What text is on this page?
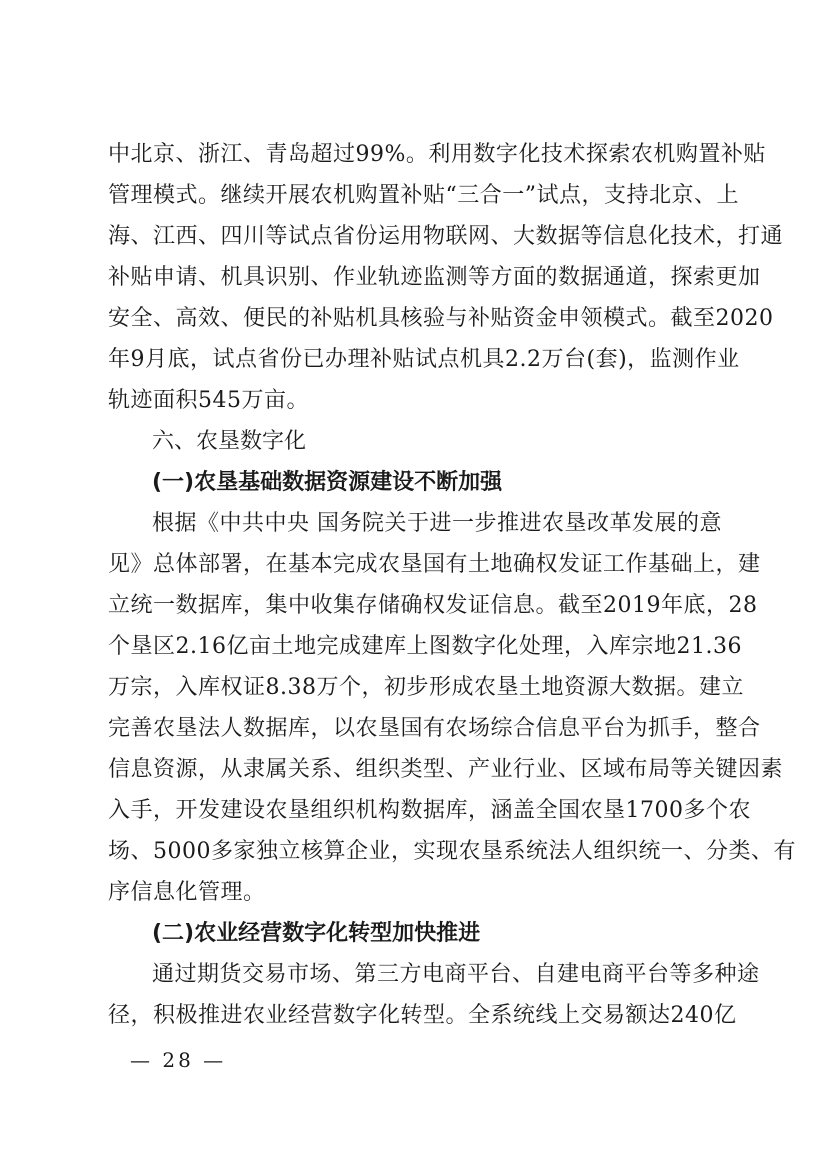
中北京、浙江、青岛超过99%。利用数字化技术探索农机购置补贴
管理模式。继续开展农机购置补贴“三合一”试点，支持北京、上
海、江西、四川等试点省份运用物联网、大数据等信息化技术，打通
补贴申请、机具识别、作业轨迹监测等方面的数据通道，探索更加
安全、高效、便民的补贴机具核验与补贴资金申领模式。截至2020
年9月底，试点省份已办理补贴试点机具2.2万台(套)，监测作业
轨迹面积545万亩。
六、农垦数字化
(一)农垦基础数据资源建设不断加强
根据《中共中央 国务院关于进一步推进农垦改革发展的意
见》总体部署，在基本完成农垦国有土地确权发证工作基础上，建
立统一数据库，集中收集存储确权发证信息。截至2019年底，28
个垦区2.16亿亩土地完成建库上图数字化处理，入库宗地21.36
万宗，入库权证8.38万个，初步形成农垦土地资源大数据。建立
完善农垦法人数据库，以农垦国有农场综合信息平台为抓手，整合
信息资源，从隶属关系、组织类型、产业行业、区域布局等关键因素
入手，开发建设农垦组织机构数据库，涵盖全国农垦1700多个农
场、5000多家独立核算企业，实现农垦系统法人组织统一、分类、有
序信息化管理。
(二)农业经营数字化转型加快推进
通过期货交易市场、第三方电商平台、自建电商平台等多种途
径，积极推进农业经营数字化转型。全系统线上交易额达240亿
— 28 —
